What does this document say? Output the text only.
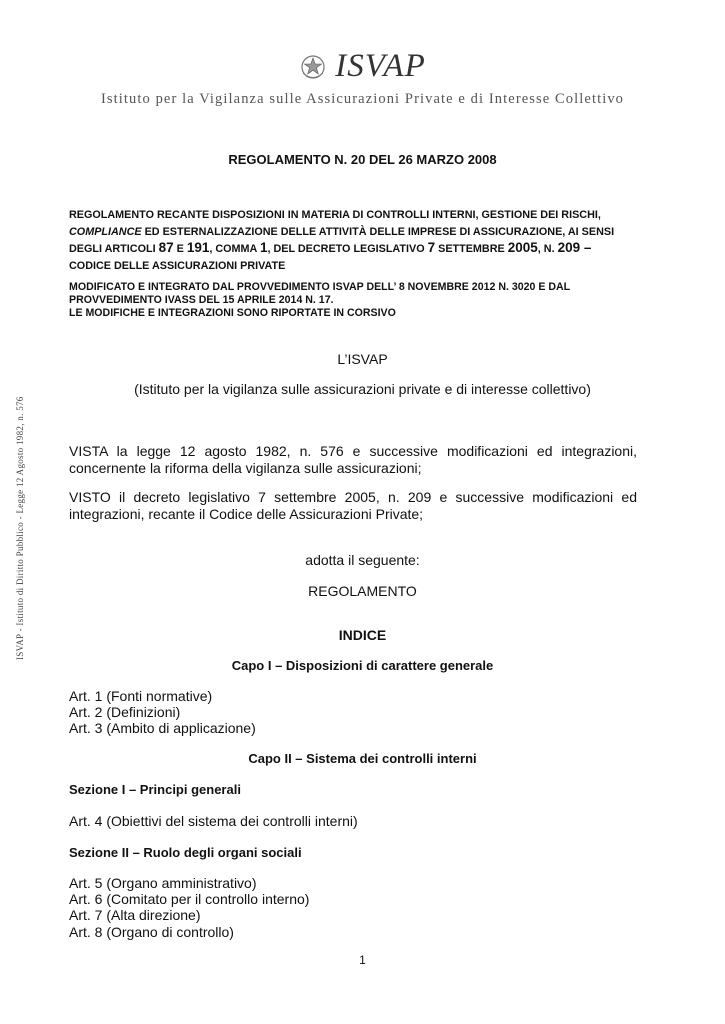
ISVAP
Istituto per la Vigilanza sulle Assicurazioni Private e di Interesse Collettivo
ISVAP - Istituto di Diritto Pubblico - Legge 12 Agosto 1982, n. 576
REGOLAMENTO N. 20 DEL 26 MARZO 2008
REGOLAMENTO RECANTE DISPOSIZIONI IN MATERIA DI CONTROLLI INTERNI, GESTIONE DEI RISCHI,
COMPLIANCE ED ESTERNALIZZAZIONE DELLE ATTIVITÀ DELLE IMPRESE DI ASSICURAZIONE, AI SENSI
DEGLI ARTICOLI 87 E 191, COMMA 1, DEL DECRETO LEGISLATIVO 7 SETTEMBRE 2005, N. 209 –
CODICE DELLE ASSICURAZIONI PRIVATE
MODIFICATO E INTEGRATO DAL PROVVEDIMENTO ISVAP DELL’ 8 NOVEMBRE 2012 N. 3020 E DAL
PROVVEDIMENTO IVASS DEL 15 APRILE 2014 N. 17.
LE MODIFICHE E INTEGRAZIONI SONO RIPORTATE IN CORSIVO
L’ISVAP
(Istituto per la vigilanza sulle assicurazioni private e di interesse collettivo)
VISTA la legge 12 agosto 1982, n. 576 e successive modificazioni ed integrazioni, concernente la riforma della vigilanza sulle assicurazioni;
VISTO il decreto legislativo 7 settembre 2005, n. 209 e successive modificazioni ed integrazioni, recante il Codice delle Assicurazioni Private;
adotta il seguente:
REGOLAMENTO
INDICE
Capo I – Disposizioni di carattere generale
Art. 1 (Fonti normative)
Art. 2 (Definizioni)
Art. 3 (Ambito di applicazione)
Capo II – Sistema dei controlli interni
Sezione I – Principi generali
Art. 4 (Obiettivi del sistema dei controlli interni)
Sezione II – Ruolo degli organi sociali
Art. 5 (Organo amministrativo)
Art. 6 (Comitato per il controllo interno)
Art. 7 (Alta direzione)
Art. 8 (Organo di controllo)
1
